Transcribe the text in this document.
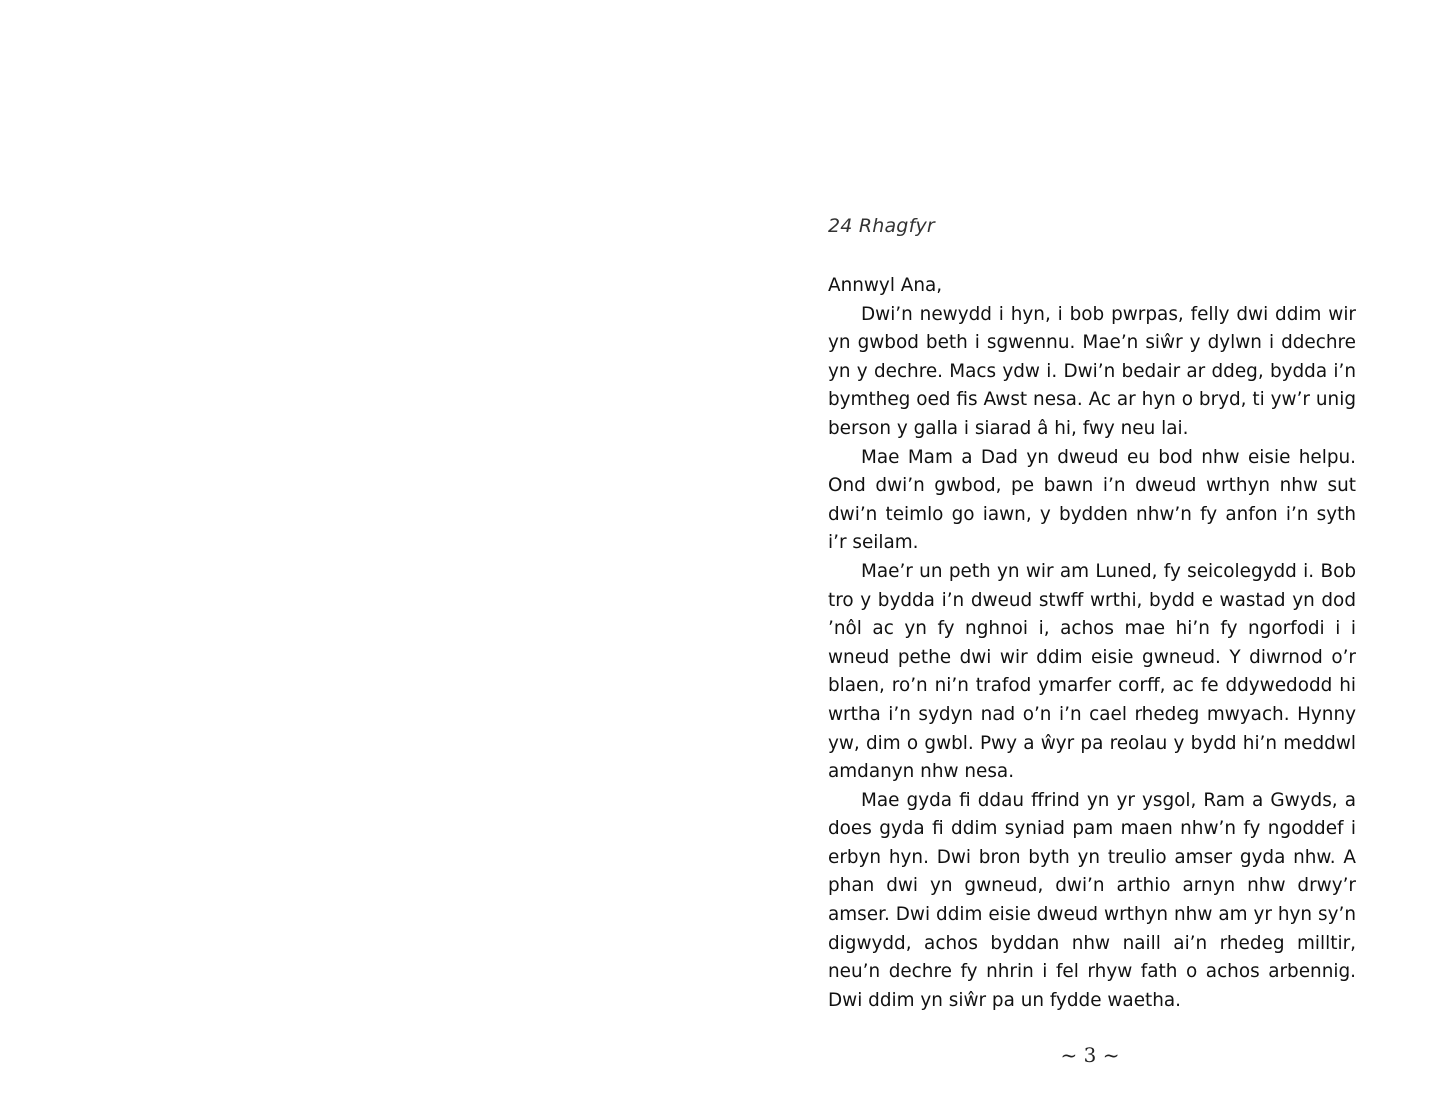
24 Rhagfyr

Annwyl Ana,

Dwi’n newydd i hyn, i bob pwrpas, felly dwi ddim wir yn gwbod beth i sgwennu. Mae’n siŵr y dylwn i ddechre yn y dechre. Macs ydw i. Dwi’n bedair ar ddeg, bydda i’n bymtheg oed fis Awst nesa. Ac ar hyn o bryd, ti yw’r unig berson y galla i siarad â hi, fwy neu lai.

Mae Mam a Dad yn dweud eu bod nhw eisie helpu. Ond dwi’n gwbod, pe bawn i’n dweud wrthyn nhw sut dwi’n teimlo go iawn, y bydden nhw’n fy anfon i’n syth i’r seilam.

Mae’r un peth yn wir am Luned, fy seicolegydd i. Bob tro y bydda i’n dweud stwff wrthi, bydd e wastad yn dod ’nôl ac yn fy nghnoi i, achos mae hi’n fy ngorfodi i i wneud pethe dwi wir ddim eisie gwneud. Y diwrnod o’r blaen, ro’n ni’n trafod ymarfer corff, ac fe ddywedodd hi wrtha i’n sydyn nad o’n i’n cael rhedeg mwyach. Hynny yw, dim o gwbl. Pwy a ŵyr pa reolau y bydd hi’n meddwl amdanyn nhw nesa.

Mae gyda fi ddau ffrind yn yr ysgol, Ram a Gwyds, a does gyda fi ddim syniad pam maen nhw’n fy ngoddef i erbyn hyn. Dwi bron byth yn treulio amser gyda nhw. A phan dwi yn gwneud, dwi’n arthio arnyn nhw drwy’r amser. Dwi ddim eisie dweud wrthyn nhw am yr hyn sy’n digwydd, achos byddan nhw naill ai’n rhedeg milltir, neu’n dechre fy nhrin i fel rhyw fath o achos arbennig. Dwi ddim yn siŵr pa un fydde waetha.

~ 3 ~
